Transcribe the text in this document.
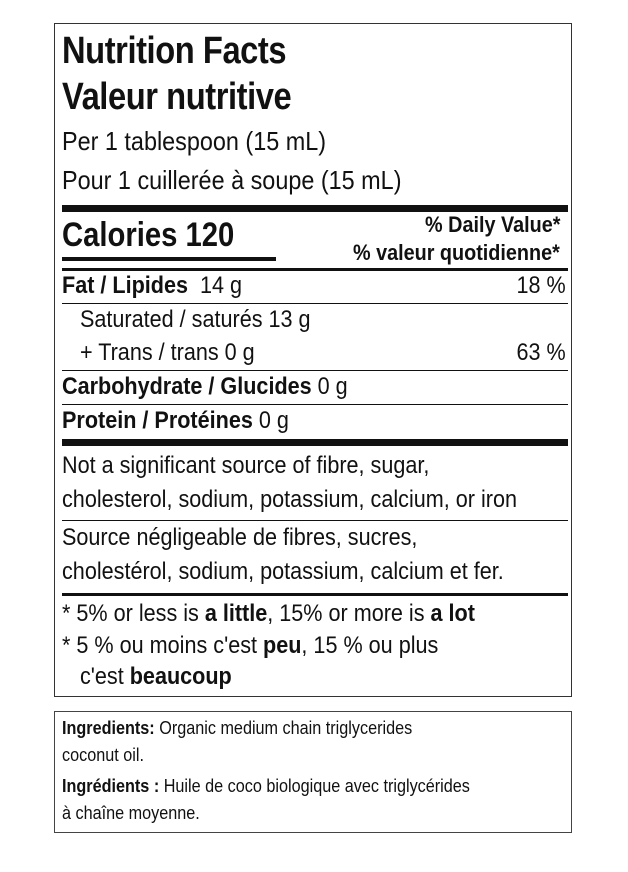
Nutrition Facts
Valeur nutritive
Per 1 tablespoon (15 mL)
Pour 1 cuillerée à soupe (15 mL)
Calories 120	% Daily Value*
% valeur quotidienne*
Fat / Lipides 14 g	18 %
Saturated / saturés 13 g
+ Trans / trans 0 g	63 %
Carbohydrate / Glucides 0 g
Protein / Protéines 0 g
Not a significant source of fibre, sugar,
cholesterol, sodium, potassium, calcium, or iron
Source négligeable de fibres, sucres,
cholestérol, sodium, potassium, calcium et fer.
* 5% or less is a little, 15% or more is a lot
* 5 % ou moins c'est peu, 15 % ou plus
c'est beaucoup
Ingredients: Organic medium chain triglycerides
coconut oil.
Ingrédients : Huile de coco biologique avec triglycérides
à chaîne moyenne.
